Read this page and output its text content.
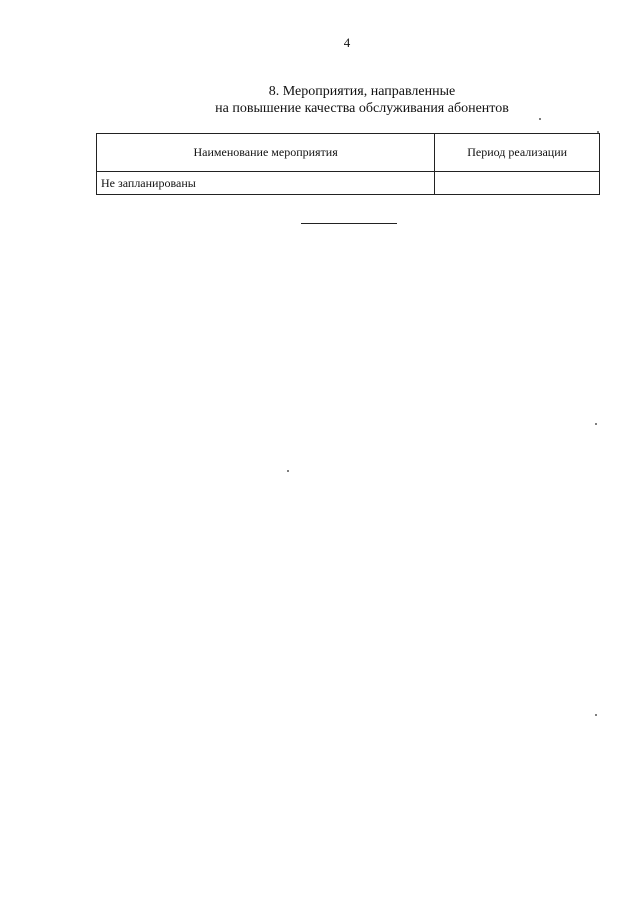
4
8. Мероприятия, направленные
на повышение качества обслуживания абонентов
Наименование мероприятия	Период реализации
Не запланированы	
